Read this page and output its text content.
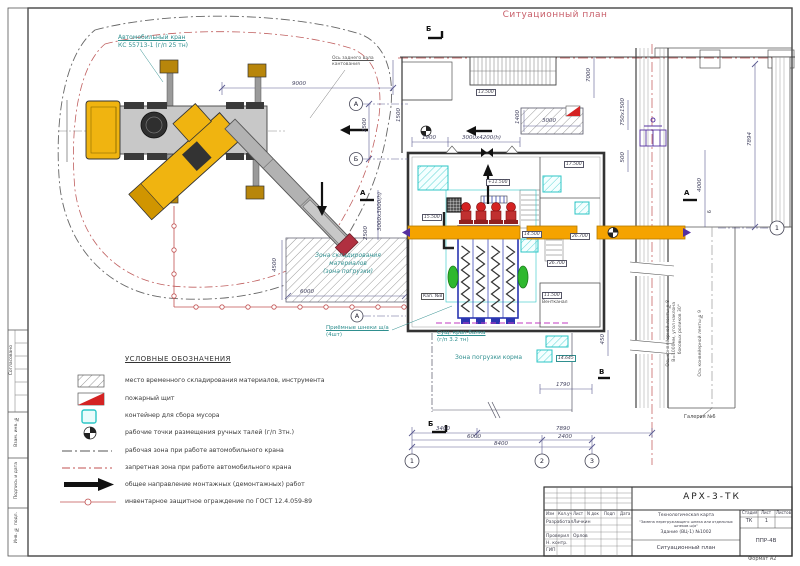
Ситуационный план
Автомобильный кран
КС 55713-1 (г/п 25 тн)
Ось заднего вала
кантования
Зона складирования
материалов
(зона погрузки)
Приёмные шнеки ш/а
(4шт)	Сущ. кран-балка
(г/п 3.2 тн)
Зона погрузки корма
Вентканал
Галерея №6
Кап. №8
Ось конвейерной ленты №8 В=1000мм, угол наклона боковых роликов 30°	Ось конвейерной ленты №9
9000
2500
3000х3000(h)
2500
6000
4500
1500
1900	3000х4200(h)
3000
1400
7000
7894
4000
750х1500
500
450
1790
3400	7890
6000	2400
8400
13.500
17.500
+11.500
15.500
14.500	26.700
26.700
11.500
14.645
А
Б
А
1	2	3
1
Б
А	А
Б
В
6
УСЛОВНЫЕ ОБОЗНАЧЕНИЯ
место временного складирования материалов, инструмента
пожарный щит
контейнер для сбора мусора
рабочие точки размещения ручных талей (г/п 3тн.)
рабочая зона при работе автомобильного крана
запретная зона при работе автомобильного крана
общее направление монтажных (демонтажных) работ
инвентарное защитное ограждение по ГОСТ 12.4.059-89	АРХ-3-ТК
Изм Кол.уч Лист N док Подп Дата
Разработал Личкин
Проверил Орлов
Н. контр.
ГИП
Технологическая карта
"Замена перегружающего шнека или отдельных шнеков ш/а"
Здание (ВЦ-1) №1002
Стадия Лист Листов
ТК	1
Ситуационный план
ППР-4В
Формат А2
Согласовано
Взам. инв. №
Подпись и дата
Инв. № подл.
